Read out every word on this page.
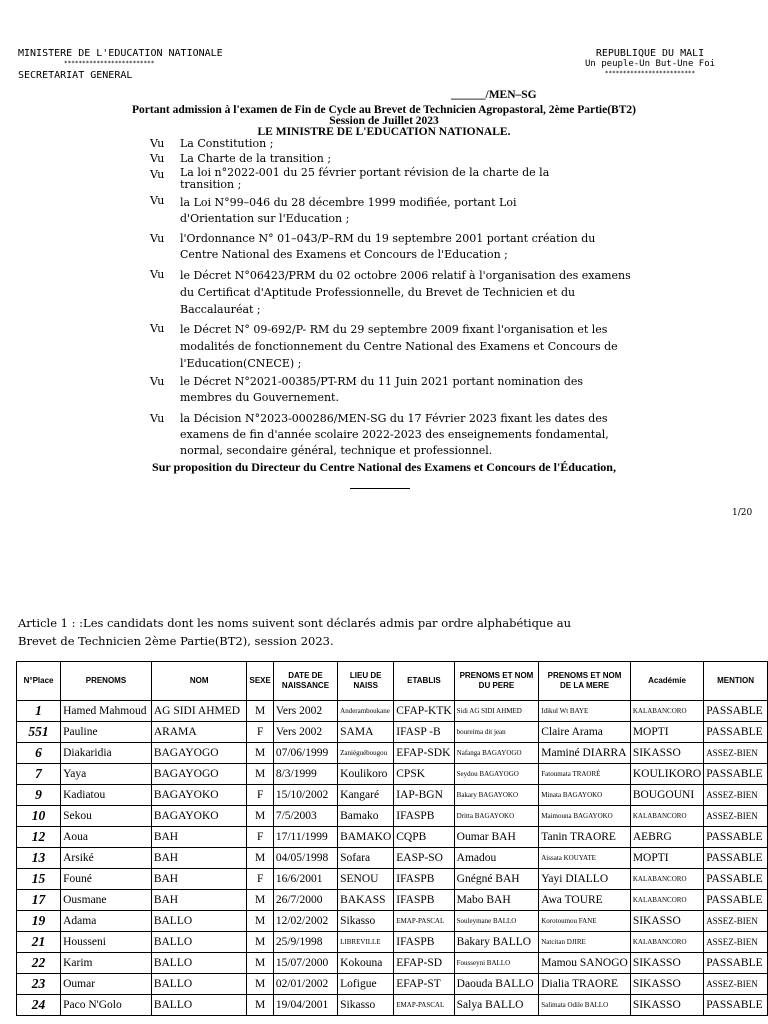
MINISTERE DE L'EDUCATION NATIONALE
*************************
SECRETARIAT GENERAL
REPUBLIQUE DU MALI
Un peuple-Un But-Une Foi
*************************
______/MEN–SG
Portant admission à l'examen de Fin de Cycle au Brevet de Technicien Agropastoral, 2ème Partie(BT2)
Session de Juillet 2023
LE MINISTRE DE L'EDUCATION NATIONALE.
Vu La Constitution ;
Vu La Charte de la transition ;
Vu La loi n°2022-001 du 25 février portant révision de la charte de la transition ;
Vu la Loi N°99–046 du 28 décembre 1999 modifiée, portant Loi d'Orientation sur l'Education ;
Vu l'Ordonnance N° 01–043/P–RM du 19 septembre 2001 portant création du Centre National des Examens et Concours de l'Education ;
Vu le Décret N°06423/PRM du 02 octobre 2006 relatif à l'organisation des examens du Certificat d'Aptitude Professionnelle, du Brevet de Technicien et du Baccalauréat ;
Vu le Décret N° 09-692/P- RM du 29 septembre 2009 fixant l'organisation et les modalités de fonctionnement du Centre National des Examens et Concours de l'Education(CNECE) ;
Vu le Décret N°2021-00385/PT-RM du 11 Juin 2021 portant nomination des membres du Gouvernement.
Vu la Décision N°2023-000286/MEN-SG du 17 Février 2023 fixant les dates des examens de fin d'année scolaire 2022-2023 des enseignements fondamental, normal, secondaire général, technique et professionnel.
Sur proposition du Directeur du Centre National des Examens et Concours de l'Éducation,
1/20
Article 1 : :Les candidats dont les noms suivent sont déclarés admis par ordre alphabétique au Brevet de Technicien 2ème Partie(BT2), session 2023.
N°Place	PRENOMS	NOM	SEXE	DATE DE NAISSANCE	LIEU DE NAISS	ETABLIS	PRENOMS ET NOM DU PERE	PRENOMS ET NOM DE LA MERE	Académie	MENTION
1	Hamed Mahmoud	AG SIDI AHMED	M	Vers 2002	Anderamboukane	CFAP-KTK	Sidi AG SIDI AHMED	Idikul Wt BAYE	KALABANCORO	PASSABLE
551	Pauline	ARAMA	F	Vers 2002	SAMA	IFASP -B	boureima dit jean	Claire Arama	MOPTI	PASSABLE
6	Diakaridia	BAGAYOGO	M	07/06/1999	Zaniéguébougou	EFAP-SDK	Nafanga BAGAYOGO	Maminé DIARRA	SIKASSO	ASSEZ-BIEN
7	Yaya	BAGAYOGO	M	8/3/1999	Koulikoro	CPSK	Seydou BAGAYOGO	Fatoumata TRAORÉ	KOULIKORO	PASSABLE
9	Kadiatou	BAGAYOKO	F	15/10/2002	Kangaré	IAP-BGN	Bakary BAGAYOKO	Minata BAGAYOKO	BOUGOUNI	ASSEZ-BIEN
10	Sekou	BAGAYOKO	M	7/5/2003	Bamako	IFASPB	Dritta BAGAYOKO	Maimouna BAGAYOKO	KALABANCORO	ASSEZ-BIEN
12	Aoua	BAH	F	17/11/1999	BAMAKO	CQPB	Oumar BAH	Tanin TRAORE	AEBRG	PASSABLE
13	Arsiké	BAH	M	04/05/1998	Sofara	EASP-SO	Amadou	Aissata KOUYATE	MOPTI	PASSABLE
15	Founé	BAH	F	16/6/2001	SENOU	IFASPB	Gnégné BAH	Yayi DIALLO	KALABANCORO	PASSABLE
17	Ousmane	BAH	M	26/7/2000	BAKASS	IFASPB	Mabo BAH	Awa TOURE	KALABANCORO	PASSABLE
19	Adama	BALLO	M	12/02/2002	Sikasso	EMAP-PASCAL	Souleymane BALLO	Korotoumou FANE	SIKASSO	ASSEZ-BIEN
21	Housseni	BALLO	M	25/9/1998	LIBREVILLE	IFASPB	Bakary BALLO	Natcitan DJIRE	KALABANCORO	ASSEZ-BIEN
22	Karim	BALLO	M	15/07/2000	Kokouna	EFAP-SD	Fousseyni BALLO	Mamou SANOGO	SIKASSO	PASSABLE
23	Oumar	BALLO	M	02/01/2002	Lofigue	EFAP-ST	Daouda BALLO	Dialia TRAORE	SIKASSO	ASSEZ-BIEN
24	Paco N'Golo	BALLO	M	19/04/2001	Sikasso	EMAP-PASCAL	Salya BALLO	Salimata Odile BALLO	SIKASSO	PASSABLE
